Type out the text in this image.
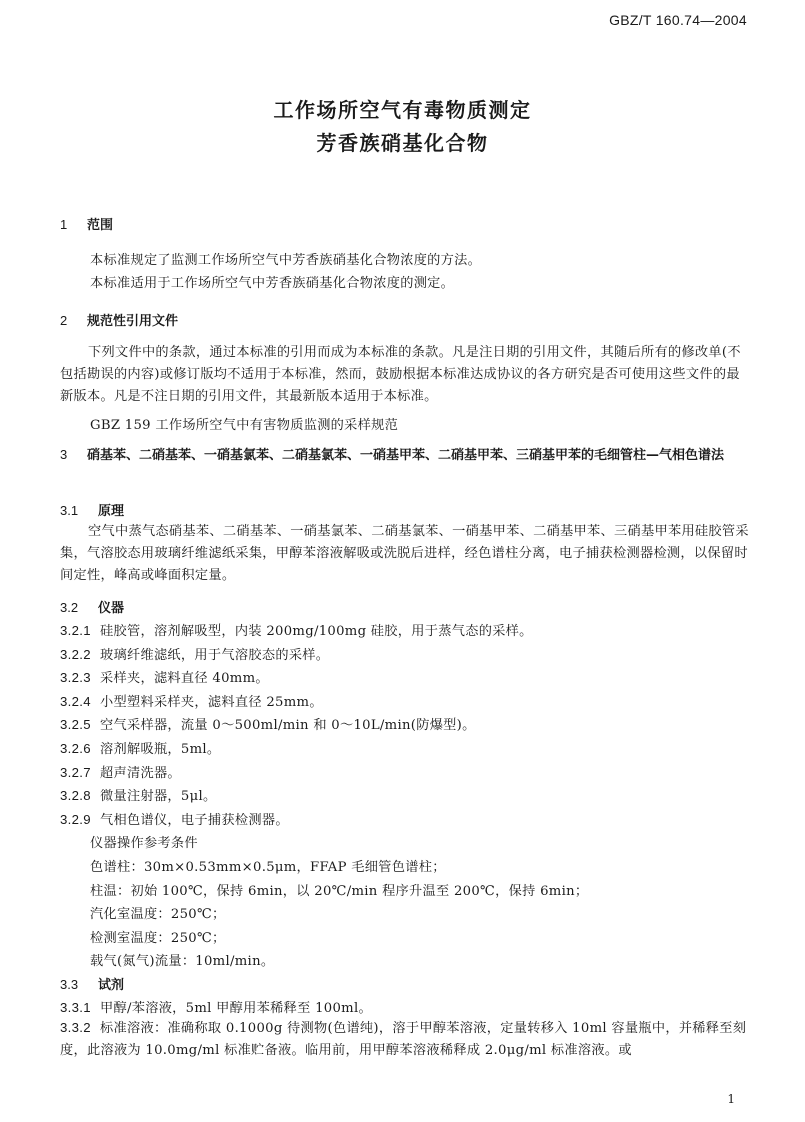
GBZ/T 160.74—2004
工作场所空气有毒物质测定
芳香族硝基化合物
1 范围
本标准规定了监测工作场所空气中芳香族硝基化合物浓度的方法。
本标准适用于工作场所空气中芳香族硝基化合物浓度的测定。
2 规范性引用文件
下列文件中的条款，通过本标准的引用而成为本标准的条款。凡是注日期的引用文件，其随后所有的修改单(不包括勘误的内容)或修订版均不适用于本标准，然而，鼓励根据本标准达成协议的各方研究是否可使用这些文件的最新版本。凡是不注日期的引用文件，其最新版本适用于本标准。
GBZ 159 工作场所空气中有害物质监测的采样规范
3 硝基苯、二硝基苯、一硝基氯苯、二硝基氯苯、一硝基甲苯、二硝基甲苯、三硝基甲苯的毛细管柱—气相色谱法
3.1 原理
空气中蒸气态硝基苯、二硝基苯、一硝基氯苯、二硝基氯苯、一硝基甲苯、二硝基甲苯、三硝基甲苯用硅胶管采集，气溶胶态用玻璃纤维滤纸采集，甲醇苯溶液解吸或洗脱后进样，经色谱柱分离，电子捕获检测器检测，以保留时间定性，峰高或峰面积定量。
3.2 仪器
3.2.1 硅胶管，溶剂解吸型，内装 200mg/100mg 硅胶，用于蒸气态的采样。
3.2.2 玻璃纤维滤纸，用于气溶胶态的采样。
3.2.3 采样夹，滤料直径 40mm。
3.2.4 小型塑料采样夹，滤料直径 25mm。
3.2.5 空气采样器，流量 0～500ml/min 和 0～10L/min(防爆型)。
3.2.6 溶剂解吸瓶，5ml。
3.2.7 超声清洗器。
3.2.8 微量注射器，5μl。
3.2.9 气相色谱仪，电子捕获检测器。
仪器操作参考条件
色谱柱：30m×0.53mm×0.5μm，FFAP 毛细管色谱柱；
柱温：初始 100℃，保持 6min，以 20℃/min 程序升温至 200℃，保持 6min；
汽化室温度：250℃；
检测室温度：250℃；
载气(氮气)流量：10ml/min。
3.3 试剂
3.3.1 甲醇/苯溶液，5ml 甲醇用苯稀释至 100ml。
3.3.2 标准溶液：准确称取 0.1000g 待测物(色谱纯)，溶于甲醇苯溶液，定量转移入 10ml 容量瓶中，并稀释至刻度，此溶液为 10.0mg/ml 标准贮备液。临用前，用甲醇苯溶液稀释成 2.0μg/ml 标准溶液。或
1
